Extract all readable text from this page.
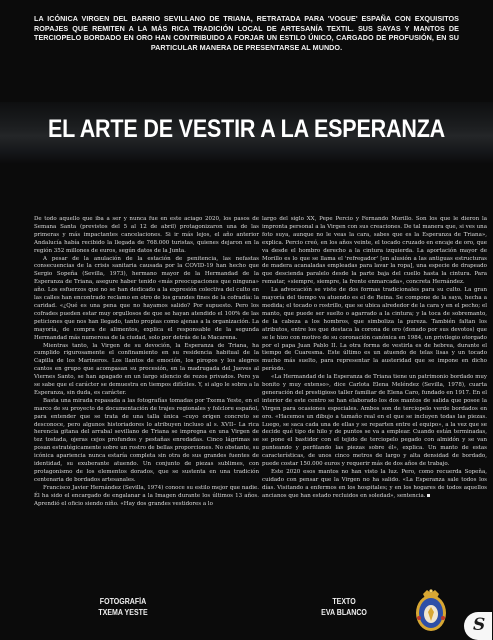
LA ICÓNICA VIRGEN DEL BARRIO SEVILLANO DE TRIANA, RETRATADA PARA 'VOGUE' ESPAÑA CON EXQUISITOS ROPAJES QUE REMITEN A LA MÁS RICA TRADICIÓN LOCAL DE ARTESANÍA TEXTIL. SUS SAYAS Y MANTOS DE TERCIOPELO BORDADO EN ORO HAN CONTRIBUIDO A FORJAR UN ESTILO ÚNICO, CARGADO DE PROFUSIÓN, EN SU PARTICULAR MANERA DE PRESENTARSE AL MUNDO.
EL ARTE DE VESTIR A LA ESPERANZA

De todo aquello que iba a ser y nunca fue en este aciago 2020, los pasos de Semana Santa (previstos del 5 al 12 de abril) protagonizaron una de las primeras y más impactantes cancelaciones. Si ir más lejos, el año anterior Andalucía había recibido la llegada de 768.000 turistas, quienes dejaron en la región 352 millones de euros, según datos de la Junta.

A pesar de la anulación de la estación de penitencia, las nefastas consecuencias de la crisis sanitaria causada por la COVID-19 han hecho que Sergio Sopeña (Sevilla, 1973), hermano mayor de la Hermandad de la Esperanza de Triana, asegure haber tenido «más preocupaciones que ninguna» año. Los esfuerzos que no se han dedicado a la expresión colectiva del culto en las calles han encontrado reclamo en otro de los grandes fines de la cofradía: la caridad. «¿Qué es una pena que no hayamos salido? Por supuesto. Pero los cofrades pueden estar muy orgullosos de que se hayan atendido el 100% de las peticiones que nos han llegado, tanto propias como ajenas a la organización. La mayoría, de compra de alimentos, explica el responsable de la segunda Hermandad más numerosa de la ciudad, solo por detrás de la Macarena.

Mientras tanto, la Virgen de su devoción, la Esperanza de Triana, ha cumplido rigurosamente el confinamiento en su residencia habitual de la Capilla de los Marineros. Los llantos de emoción, los piropos y los alegres cantos en grupo que acompasan su procesión, en la madrugada del Jueves al Viernes Santo, se han apagado en un largo silencio de rezos privados. Pero ya se sabe que el carácter se demuestra en tiempos difíciles. Y, si algo le sobra a la Esperanza, sin duda, es carácter.

Basta una mirada repasada a las fotografías tomadas por Txema Yeste, en el marco de su proyecto de documentación de trajes regionales y folclore español, para entender que se trata de una talla única –cuyo origen concreto se desconoce, pero algunos historiadores lo atribuyen incluso al s. XVII– La rica herencia gitana del arrabal sevillano de Triana se impregna en una Virgen de tez tostada, ojeras cejos profundos y pestañas enredadas. Cinco lágrimas se posan estratégicamente sobre un rostro de bellas proporciones. No obstante, su icónica apariencia nunca estaría completa sin otra de sus grandes fuentes de identidad, su exuberante atuendo. Un conjunto de piezas sublimes, con protagonismo de los elementos dorados, que se sustenta en una tradición centenaria de bordados artesanales.

Francisco Javier Hernández (Sevilla, 1974) conoce su estilo mejor que nadie. Él ha sido el encargado de engalanar a la Imagen durante los últimos 13 años. Aprendió el oficio siendo niño. «Hay dos grandes vestidores a lo

largo del siglo XX, Pepe Percio y Fernando Morillo. Son los que le dieron la impronta personal a la Virgen con sus creaciones. De tal manera que, si ves una foto suya, aunque no le veas la cara, sabes que es la Esperanza de Triana», explica. Percio creó, en los años veinte, el tocado cruzado en encaje de oro, que va desde el hombro derecho a la cintura izquierda. La aportación mayor de Morillo es lo que se llama el 'refregador' [en alusión a las antiguas estructuras de madera acanaladas empleadas para lavar la ropa], una especie de drapeado que descienda paralelo desde la parte baja del cuello hasta la cintura. Para rematar, «siempre, siempre, la frente enmarcada», concreta Hernández.

La advocación se viste de dos formas tradicionales para su culto. La gran mayoría del tiempo va atuendo es el de Reina. Se compone de la saya, hecha a medida; el tocado o rostrillo, que se ubica alrededor de la cara y en el pecho; el manto, que puede ser suelto o agarrado a la cintura; y la toca de sobremanto, de la cabeza a los hombros, que simboliza la pureza. También faltan los atributos, entre los que destaca la corona de oro (donado por sus devotos) que se le hizo con motivo de su coronación canónica en 1984, un privilegio otorgado por el papa Juan Pablo II. La otra forma de vestirla es de hebrea, durante el tiempo de Cuaresma. Este último es un atuendo de telas lisas y un tocado mucho más suelto, para representar la austeridad que se impone en dicho período.

«La Hermandad de la Esperanza de Triana tiene un patrimonio bordado muy bonito y muy extenso», dice Carlota Elena Meléndez (Sevilla, 1978), cuarta generación del prestigioso taller familiar de Elena Caro, fundado en 1917. En el interior de este centro se han elaborado los dos mantos de salida que posee la Virgen para ocasiones especiales. Ambos son de terciopelo verde bordados en oro. «Hacemos un dibujo a tamaño real en el que se incluyen todas las piezas. Luego, se saca cada una de ellas y se reparten entre el equipo», a la vez que se decide qué tipo de hilo y de puntos se va a emplear. Cuando están terminadas, se pone el bastidor con el tejido de terciopelo pegado con almidón y se van punteando y perfilando las piezas sobre él», explica. Un manto de estas características, de unos cinco metros de largo y alta densidad de bordado, puede costar 150.000 euros y requerir más de dos años de trabajo.

Este 2020 esos mantos no han visto la luz. Pero, como recuerda Sopeña, cuidado con pensar que la Virgen no ha salido. «La Esperanza sale todos los días. Visitando a enfermos en los hospitales; y en los hogares de todos aquellos ancianos que han estado recluidos en soledad», sentencia.

FOTOGRAFÍA
TXEMA YESTE
TEXTO
EVA BLANCO
S
